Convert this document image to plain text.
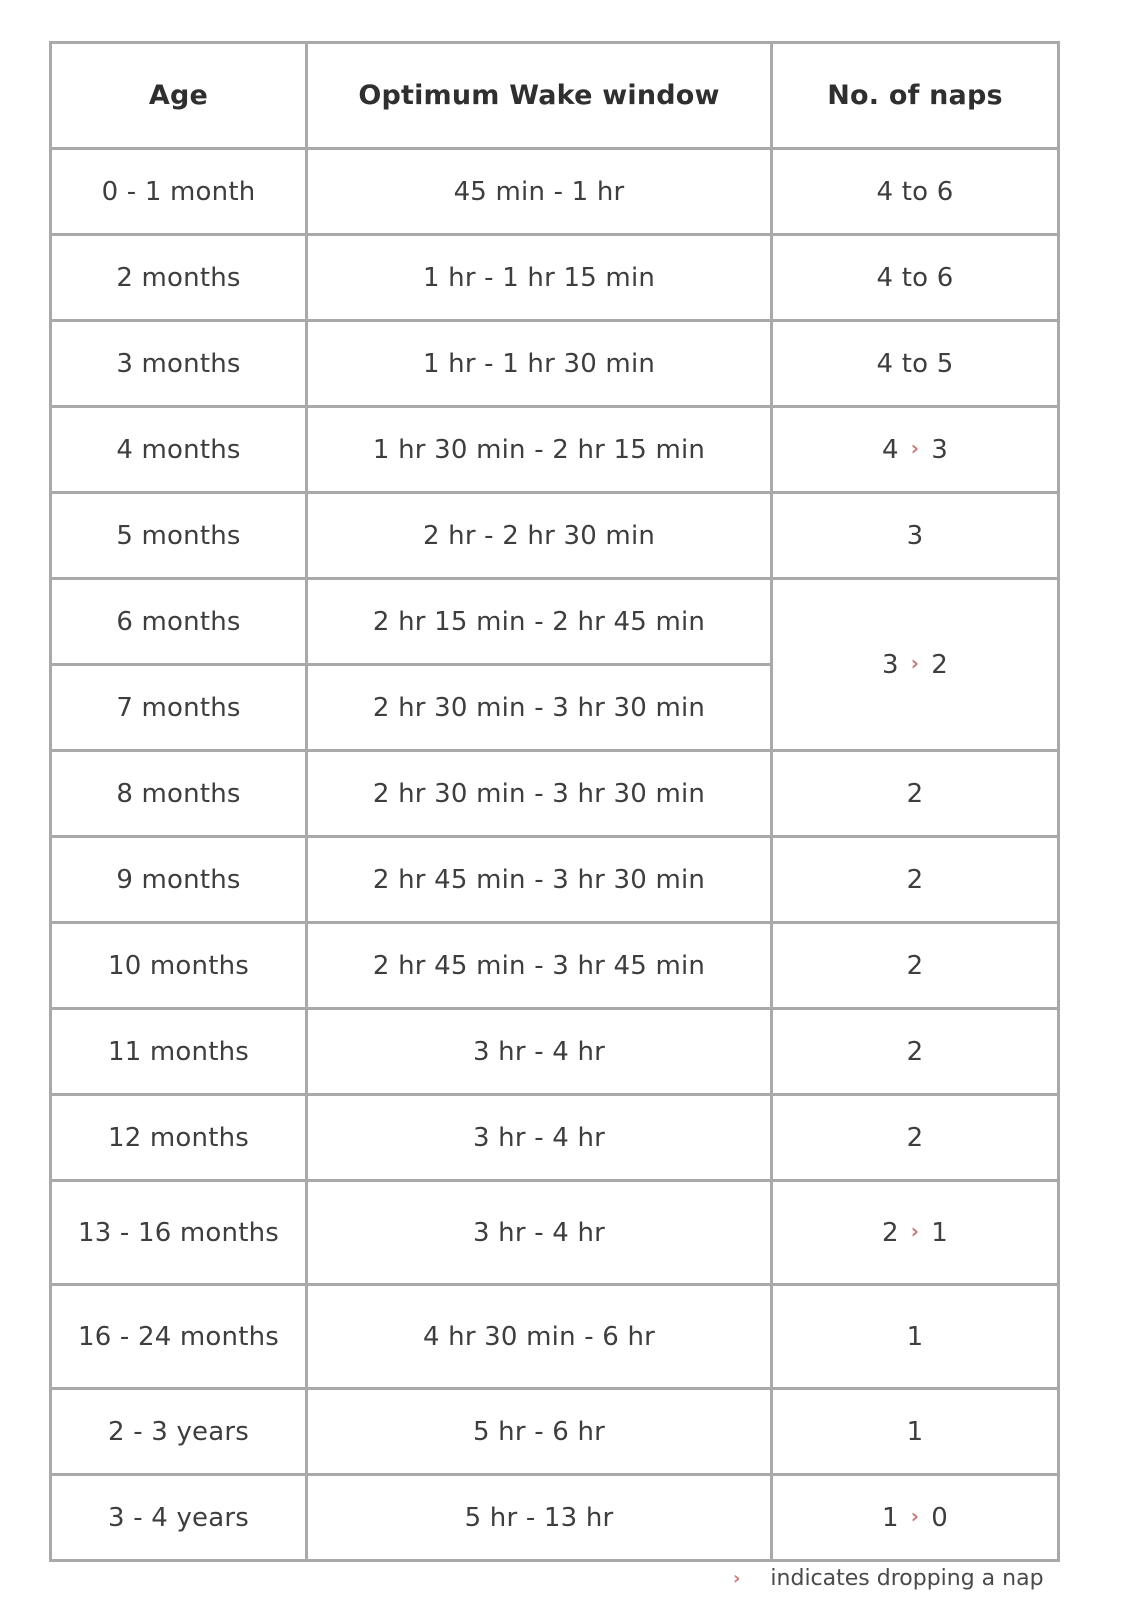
Age	Optimum Wake window	No. of naps
0 - 1 month	45 min - 1 hr	4 to 6
2 months	1 hr - 1 hr 15 min	4 to 6
3 months	1 hr - 1 hr 30 min	4 to 5
4 months	1 hr 30 min - 2 hr 15 min	4 › 3
5 months	2 hr - 2 hr 30 min	3
6 months	2 hr 15 min - 2 hr 45 min	3 › 2
7 months	2 hr 30 min - 3 hr 30 min	
8 months	2 hr 30 min - 3 hr 30 min	2
9 months	2 hr 45 min - 3 hr 30 min	2
10 months	2 hr 45 min - 3 hr 45 min	2
11 months	3 hr - 4 hr	2
12 months	3 hr - 4 hr	2
13 - 16 months	3 hr - 4 hr	2 › 1
16 - 24 months	4 hr 30 min - 6 hr	1
2 - 3 years	5 hr - 6 hr	1
3 - 4 years	5 hr - 13 hr	1 › 0
› indicates dropping a nap
